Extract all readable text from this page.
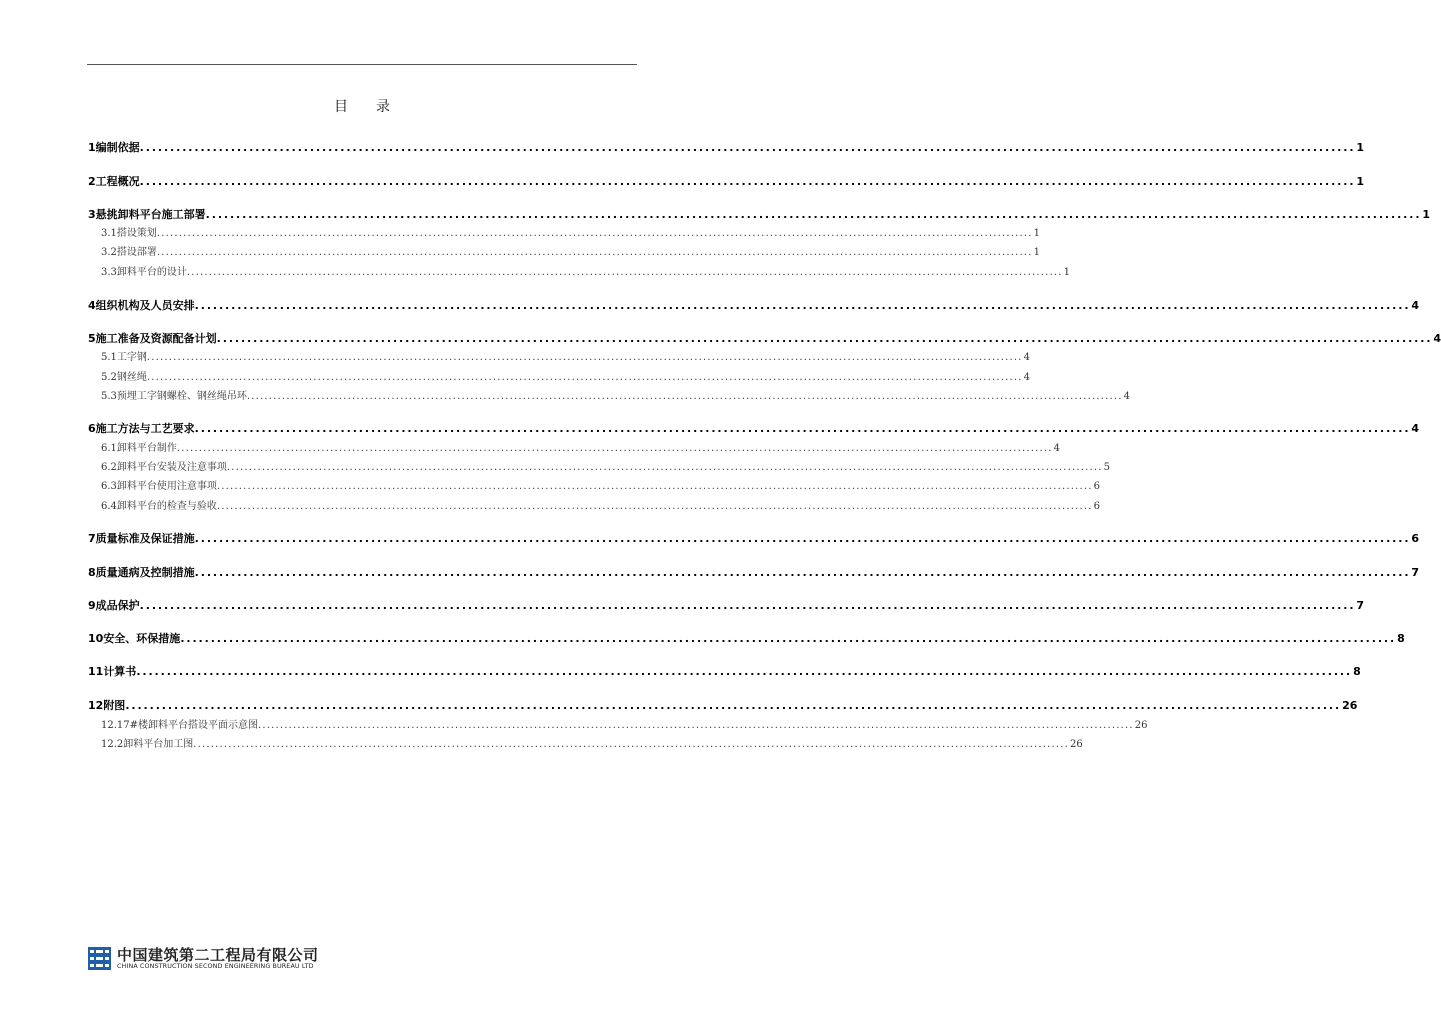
目　　录
1 编制依据 ........................................................................................................................................................................................................ 1
2 工程概况 ........................................................................................................................................................................................................ 1
3 悬挑卸料平台施工部署 ........................................................................................................................................................................................................ 1
3.1 搭设策划 ........................................................................................................................................................................................................ 1
3.2 搭设部署 ........................................................................................................................................................................................................ 1
3.3 卸料平台的设计 ........................................................................................................................................................................................................ 1
4 组织机构及人员安排 ........................................................................................................................................................................................................ 4
5 施工准备及资源配备计划 ........................................................................................................................................................................................................ 4
5.1 工字钢 ........................................................................................................................................................................................................ 4
5.2 钢丝绳 ........................................................................................................................................................................................................ 4
5.3 预埋工字钢螺栓、钢丝绳吊环 ........................................................................................................................................................................................................ 4
6 施工方法与工艺要求 ........................................................................................................................................................................................................ 4
6.1 卸料平台制作 ........................................................................................................................................................................................................ 4
6.2 卸料平台安装及注意事项 ........................................................................................................................................................................................................ 5
6.3 卸料平台使用注意事项 ........................................................................................................................................................................................................ 6
6.4 卸料平台的检查与验收 ........................................................................................................................................................................................................ 6
7 质量标准及保证措施 ........................................................................................................................................................................................................ 6
8 质量通病及控制措施 ........................................................................................................................................................................................................ 7
9 成品保护 ........................................................................................................................................................................................................ 7
10 安全、环保措施 ........................................................................................................................................................................................................ 8
11 计算书 ........................................................................................................................................................................................................ 8
12 附图 ........................................................................................................................................................................................................ 26
12.1 7#楼卸料平台搭设平面示意图 ........................................................................................................................................................................................................ 26
12.2 卸料平台加工图 ........................................................................................................................................................................................................ 26
中国建筑第二工程局有限公司
CHINA CONSTRUCTION SECOND ENGINEERING BUREAU LTD
